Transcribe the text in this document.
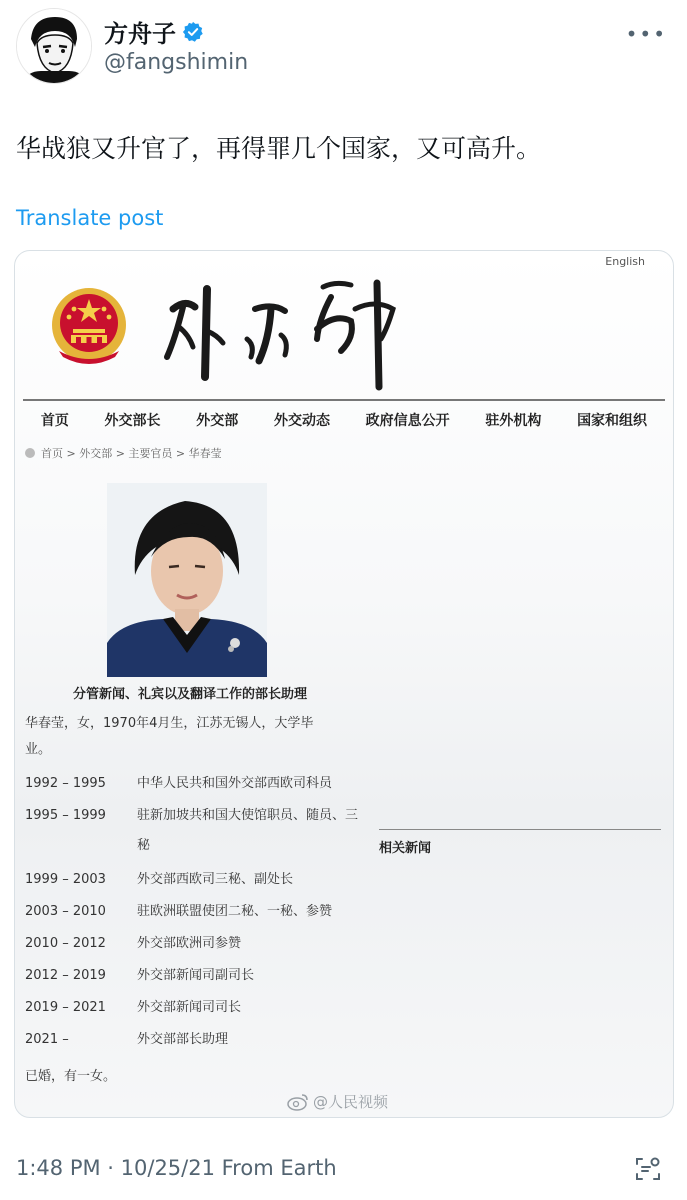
方舟子
@fangshimin
•••
华战狼又升官了，再得罪几个国家，又可高升。
Translate post
English
首页	外交部长	外交部	外交动态	政府信息公开	驻外机构	国家和组织
首页 > 外交部 > 主要官员 > 华春莹
分管新闻、礼宾以及翻译工作的部长助理
华春莹，女，1970年4月生，江苏无锡人，大学毕
业。
1992 – 1995	中华人民共和国外交部西欧司科员
1995 – 1999	驻新加坡共和国大使馆职员、随员、三秘
1999 – 2003	外交部西欧司三秘、副处长
2003 – 2010	驻欧洲联盟使团二秘、一秘、参赞
2010 – 2012	外交部欧洲司参赞
2012 – 2019	外交部新闻司副司长
2019 – 2021	外交部新闻司司长
2021 –	外交部部长助理
已婚，有一女。
相关新闻
@人民视频
1:48 PM · 10/25/21 From Earth
